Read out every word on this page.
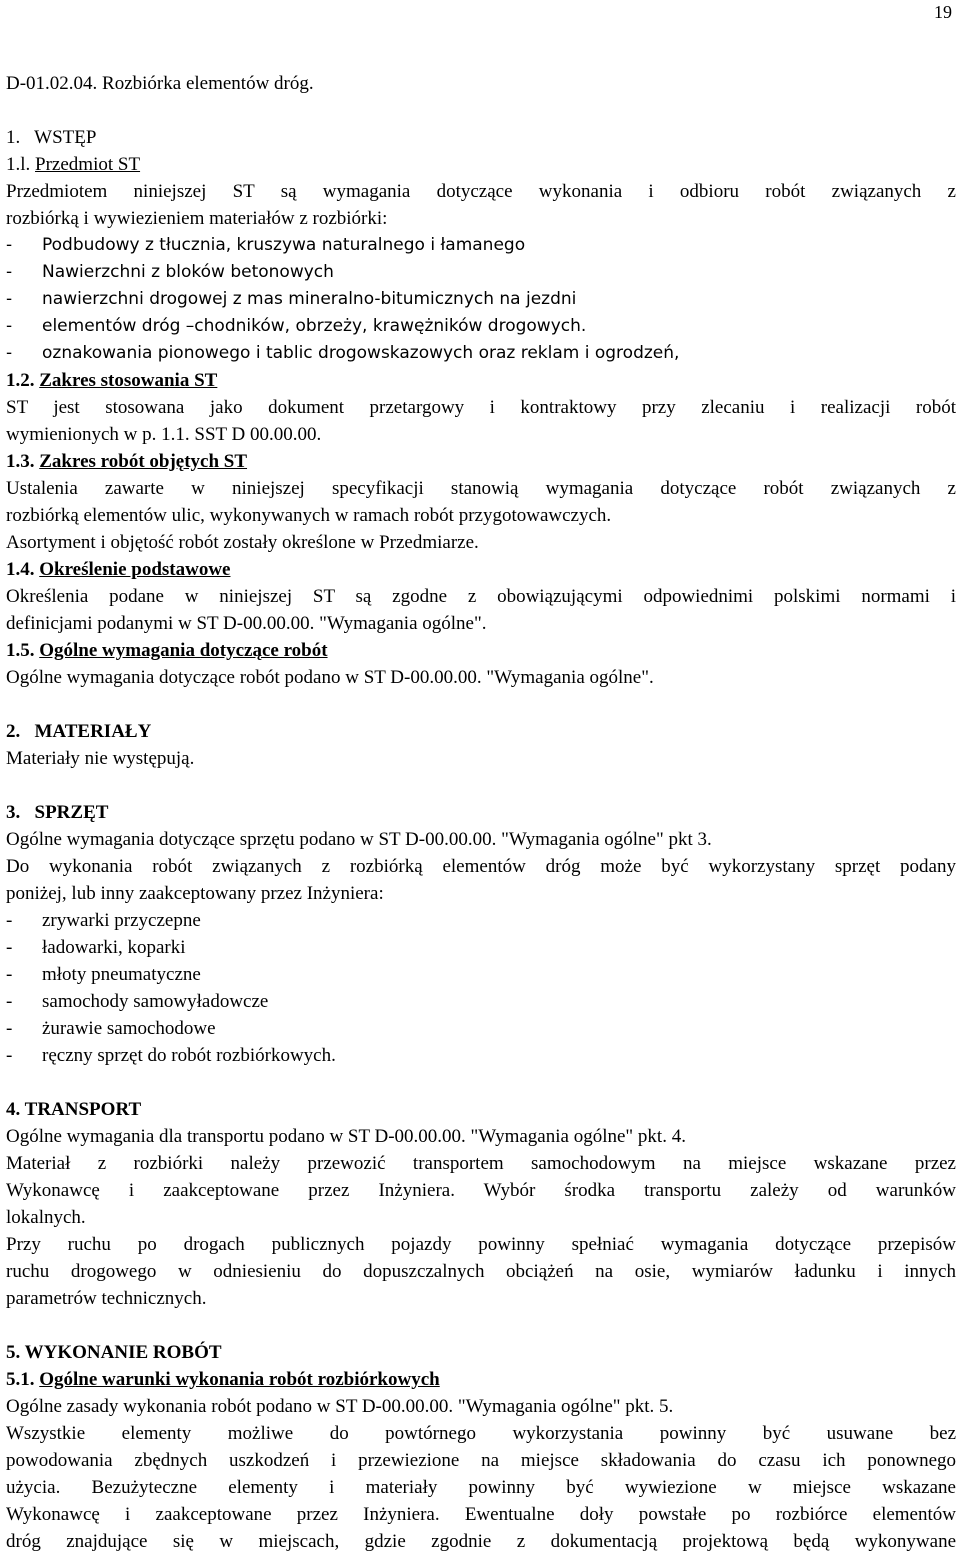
19
D-01.02.04. Rozbiórka elementów dróg.
1.   WSTĘP
1.l. Przedmiot ST
Przedmiotem niniejszej ST są wymagania dotyczące wykonania i odbioru robót związanych z
rozbiórką i wywiezieniem materiałów z rozbiórki:
- Podbudowy z tłucznia, kruszywa naturalnego i łamanego
- Nawierzchni z bloków betonowych
- nawierzchni drogowej z mas mineralno-bitumicznych na jezdni
- elementów dróg –chodników, obrzeży, krawężników drogowych.
- oznakowania pionowego i tablic drogowskazowych oraz reklam i ogrodzeń,
1.2. Zakres stosowania ST
ST jest stosowana jako dokument przetargowy i kontraktowy przy zlecaniu i realizacji robót
wymienionych w p. 1.1. SST D 00.00.00.
1.3. Zakres robót objętych ST
Ustalenia zawarte w niniejszej specyfikacji stanowią wymagania dotyczące robót związanych z
rozbiórką elementów ulic, wykonywanych w ramach robót przygotowawczych.
Asortyment i objętość robót zostały określone w Przedmiarze.
1.4. Określenie podstawowe
Określenia podane w niniejszej ST są zgodne z obowiązującymi odpowiednimi polskimi normami i
definicjami podanymi w ST D-00.00.00. "Wymagania ogólne".
1.5. Ogólne wymagania dotyczące robót
Ogólne wymagania dotyczące robót podano w ST D-00.00.00. "Wymagania ogólne".
2.   MATERIAŁY
Materiały nie występują.
3.   SPRZĘT
Ogólne wymagania dotyczące sprzętu podano w ST D-00.00.00. "Wymagania ogólne" pkt 3.
Do wykonania robót związanych z rozbiórką elementów dróg może być wykorzystany sprzęt podany
poniżej, lub inny zaakceptowany przez Inżyniera:
- zrywarki przyczepne
- ładowarki, koparki
- młoty pneumatyczne
- samochody samowyładowcze
- żurawie samochodowe
- ręczny sprzęt do robót rozbiórkowych.
4. TRANSPORT
Ogólne wymagania dla transportu podano w ST D-00.00.00. "Wymagania ogólne" pkt. 4.
Materiał z rozbiórki należy przewozić transportem samochodowym na miejsce wskazane przez
Wykonawcę i zaakceptowane przez Inżyniera. Wybór środka transportu zależy od warunków
lokalnych.
Przy ruchu po drogach publicznych pojazdy powinny spełniać wymagania dotyczące przepisów
ruchu drogowego w odniesieniu do dopuszczalnych obciążeń na osie, wymiarów ładunku i innych
parametrów technicznych.
5. WYKONANIE ROBÓT
5.1. Ogólne warunki wykonania robót rozbiórkowych
Ogólne zasady wykonania robót podano w ST D-00.00.00. "Wymagania ogólne" pkt. 5.
Wszystkie elementy możliwe do powtórnego wykorzystania powinny być usuwane bez
powodowania zbędnych uszkodzeń i przewiezione na miejsce składowania do czasu ich ponownego
użycia. Bezużyteczne elementy i materiały powinny być wywiezione w miejsce wskazane
Wykonawcę i zaakceptowane przez Inżyniera. Ewentualne doły powstałe po rozbiórce elementów
dróg znajdujące się w miejscach, gdzie zgodnie z dokumentacją projektową będą wykonywane
